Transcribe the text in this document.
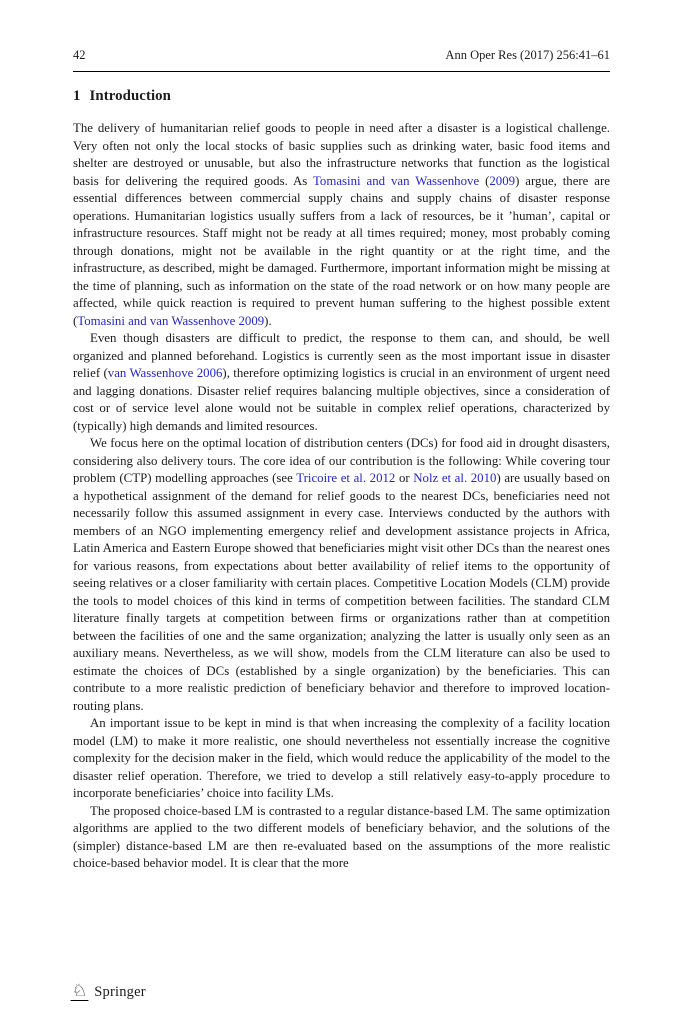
42	Ann Oper Res (2017) 256:41–61
1 Introduction

The delivery of humanitarian relief goods to people in need after a disaster is a logistical challenge. Very often not only the local stocks of basic supplies such as drinking water, basic food items and shelter are destroyed or unusable, but also the infrastructure networks that function as the logistical basis for delivering the required goods. As Tomasini and van Wassenhove (2009) argue, there are essential differences between commercial supply chains and supply chains of disaster response operations. Humanitarian logistics usually suffers from a lack of resources, be it ’human’, capital or infrastructure resources. Staff might not be ready at all times required; money, most probably coming through donations, might not be available in the right quantity or at the right time, and the infrastructure, as described, might be damaged. Furthermore, important information might be missing at the time of planning, such as information on the state of the road network or on how many people are affected, while quick reaction is required to prevent human suffering to the highest possible extent (Tomasini and van Wassenhove 2009).

Even though disasters are difficult to predict, the response to them can, and should, be well organized and planned beforehand. Logistics is currently seen as the most important issue in disaster relief (van Wassenhove 2006), therefore optimizing logistics is crucial in an environment of urgent need and lagging donations. Disaster relief requires balancing multiple objectives, since a consideration of cost or of service level alone would not be suitable in complex relief operations, characterized by (typically) high demands and limited resources.

We focus here on the optimal location of distribution centers (DCs) for food aid in drought disasters, considering also delivery tours. The core idea of our contribution is the following: While covering tour problem (CTP) modelling approaches (see Tricoire et al. 2012 or Nolz et al. 2010) are usually based on a hypothetical assignment of the demand for relief goods to the nearest DCs, beneficiaries need not necessarily follow this assumed assignment in every case. Interviews conducted by the authors with members of an NGO implementing emergency relief and development assistance projects in Africa, Latin America and Eastern Europe showed that beneficiaries might visit other DCs than the nearest ones for various reasons, from expectations about better availability of relief items to the opportunity of seeing relatives or a closer familiarity with certain places. Competitive Location Models (CLM) provide the tools to model choices of this kind in terms of competition between facilities. The standard CLM literature finally targets at competition between firms or organizations rather than at competition between the facilities of one and the same organization; analyzing the latter is usually only seen as an auxiliary means. Nevertheless, as we will show, models from the CLM literature can also be used to estimate the choices of DCs (established by a single organization) by the beneficiaries. This can contribute to a more realistic prediction of beneficiary behavior and therefore to improved location-routing plans.

An important issue to be kept in mind is that when increasing the complexity of a facility location model (LM) to make it more realistic, one should nevertheless not essentially increase the cognitive complexity for the decision maker in the field, which would reduce the applicability of the model to the disaster relief operation. Therefore, we tried to develop a still relatively easy-to-apply procedure to incorporate beneficiaries’ choice into facility LMs.

The proposed choice-based LM is contrasted to a regular distance-based LM. The same optimization algorithms are applied to the two different models of beneficiary behavior, and the solutions of the (simpler) distance-based LM are then re-evaluated based on the assumptions of the more realistic choice-based behavior model. It is clear that the more

♘ Springer
